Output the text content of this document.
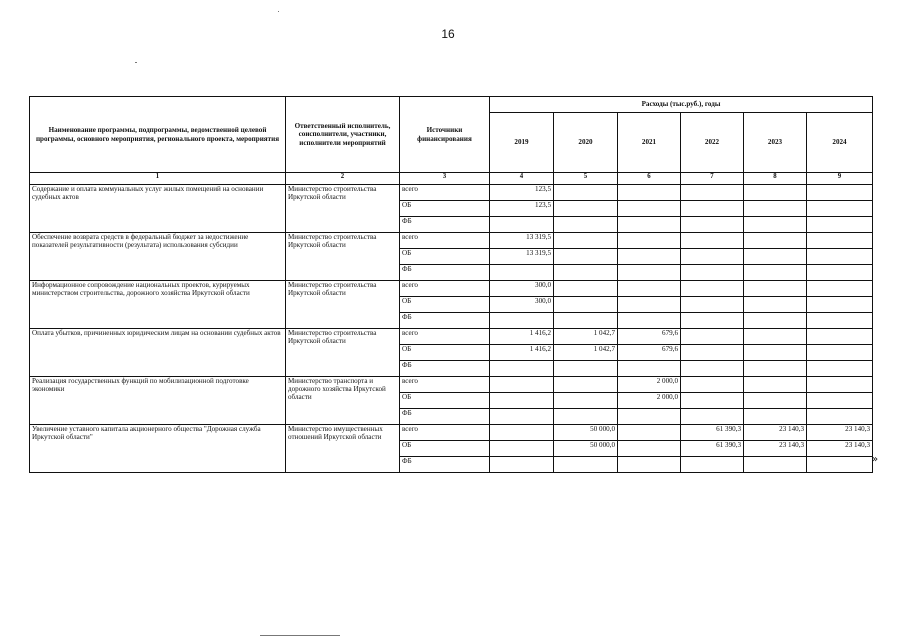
16
Наименование программы, подпрограммы, ведомственной целевой программы, основного мероприятия, регионального проекта, мероприятия	Ответственный исполнитель, соисполнители, участники, исполнители мероприятий	Источники финансирования	Расходы (тыс.руб.), годы					
			2019	2020	2021	2022	2023	2024
1	2	3	4	5	6	7	8	9
Содержание и оплата коммунальных услуг жилых помещений на основании судебных актов	Министерство строительства Иркутской области	всего	123,5					
		ОБ	123,5					
		ФБ						
Обеспечение возврата средств в федеральный бюджет за недостижение показателей результативности (результата) использования субсидии	Министерство строительства Иркутской области	всего	13 319,5					
		ОБ	13 319,5					
		ФБ						
Информационное сопровождение национальных проектов, курируемых министерством строительства, дорожного хозяйства Иркутской области	Министерство строительства Иркутской области	всего	300,0					
		ОБ	300,0					
		ФБ						
Оплата убытков, причиненных юридическим лицам на основании судебных актов	Министерство строительства Иркутской области	всего	1 416,2	1 042,7	679,6			
		ОБ	1 416,2	1 042,7	679,6			
		ФБ						
Реализация государственных функций по мобилизационной подготовке экономики	Министерство транспорта и дорожного хозяйства Иркутской области	всего			2 000,0			
		ОБ			2 000,0			
		ФБ						
Увеличение уставного капитала акционерного общества "Дорожная служба Иркутской области"	Министерство имущественных отношений Иркутской области	всего		50 000,0		61 390,3	23 140,3	23 140,3
		ОБ		50 000,0		61 390,3	23 140,3	23 140,3
		ФБ							»
